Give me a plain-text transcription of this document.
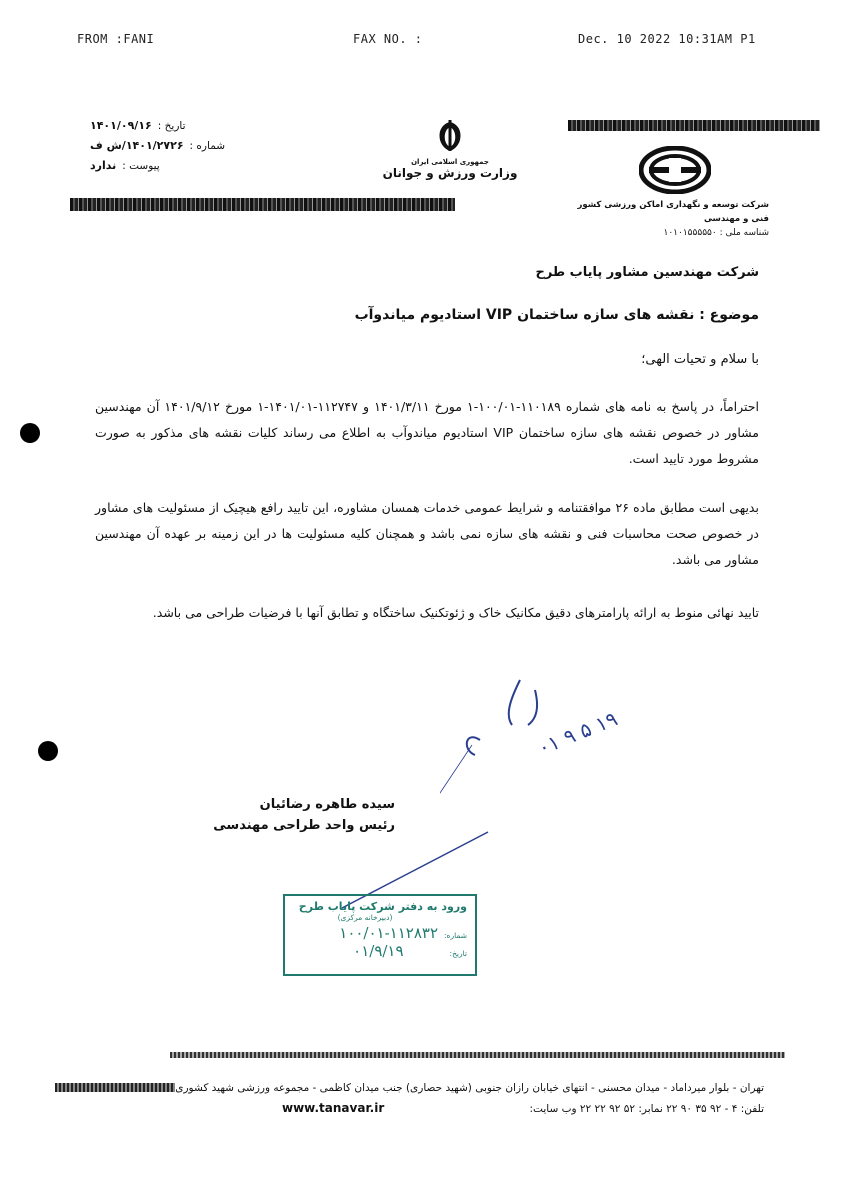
FROM :FANI	FAX NO. :	Dec. 10 2022 10:31AM P1
تاریخ :
۱۴۰۱/۰۹/۱۶
شماره :
۱۴۰۱/۲۷۲۶/ش ف
پیوست :
ندارد	جمهوری اسلامی ایران
وزارت ورزش و جوانان
شرکت توسعه و نگهداری اماکن ورزشی کشور
فنی و مهندسی
شناسه ملی : ۱۰۱۰۱۵۵۵۵۵۰
شرکت مهندسین مشاور پایاب طرح
موضوع : نقشه های سازه ساختمان VIP استادیوم میاندوآب
با سلام و تحیات الهی؛
احتراماً، در پاسخ به نامه های شماره ۱۱۰۱۸۹-۱۰۰/۰۱-۱ مورخ ۱۴۰۱/۳/۱۱ و ۱۱۲۷۴۷-۱۴۰۱/۰۱-۱ مورخ ۱۴۰۱/۹/۱۲ آن مهندسین مشاور در خصوص نقشه های سازه ساختمان VIP استادیوم میاندوآب به اطلاع می رساند کلیات نقشه های مذکور به صورت مشروط مورد تایید است.
بدیهی است مطابق ماده ۲۶ موافقتنامه و شرایط عمومی خدمات همسان مشاوره، این تایید رافع هیچیک از مسئولیت های مشاور در خصوص صحت محاسبات فنی و نقشه های سازه نمی باشد و همچنان کلیه مسئولیت ها در این زمینه بر عهده آن مهندسین مشاور می باشد.
تایید نهائی منوط به ارائه پارامترهای دقیق مکانیک خاک و ژئوتکنیک ساختگاه و تطابق آنها با فرضیات طراحی می باشد.
۱۹ ۵ ۹ ۰۱
سیده طاهره رضائیان
رئیس واحد طراحی مهندسی
ورود به دفتر شرکت پایاب طرح
(دبیرخانه مرکزی)
شماره:
۱۰۰/۰۱-۱۱۲۸۳۲
تاریخ:
۰۱/۹/۱۹
تهران - بلوار میرداماد - میدان محسنی - انتهای خیابان رازان جنوبی (شهید حصاری) جنب میدان کاظمی - مجموعه ورزشی شهید کشوری
تلفن: ۴ - ۹۲ ۳۵ ۹۰ ۲۲ نمابر: ۵۲ ۹۲ ۲۲ ۲۲ وب سایت:
www.tanavar.ir
